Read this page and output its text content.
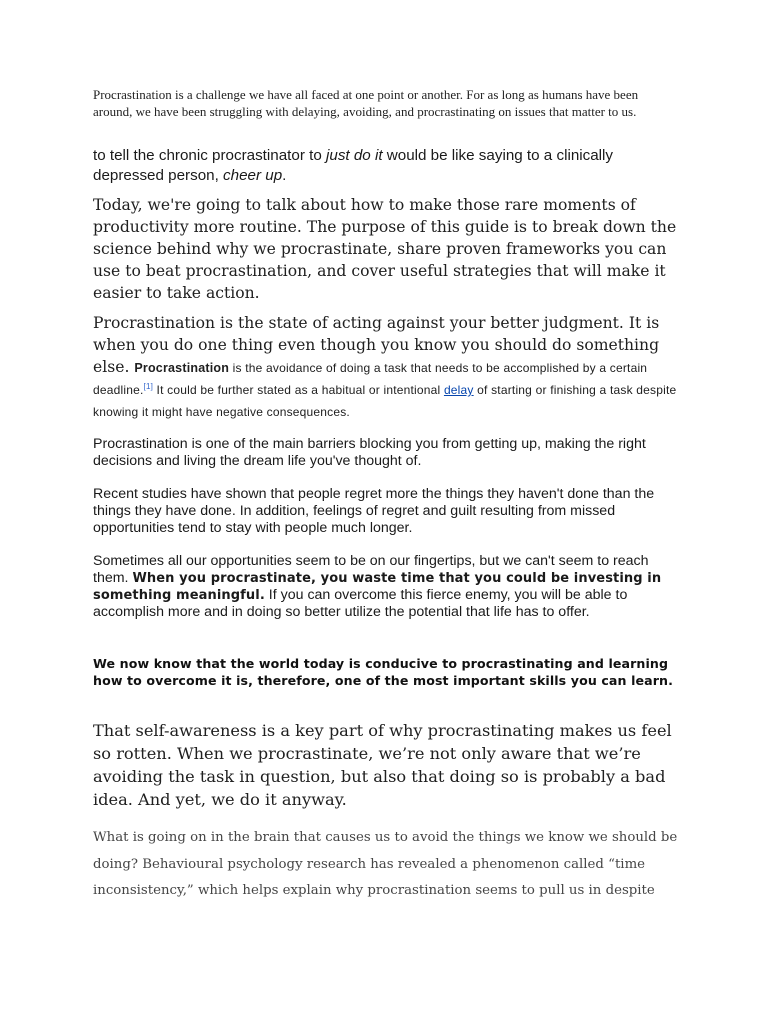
Procrastination is a challenge we have all faced at one point or another. For as long as humans have been around, we have been struggling with delaying, avoiding, and procrastinating on issues that matter to us.

to tell the chronic procrastinator to just do it would be like saying to a clinically depressed person, cheer up.

Today, we're going to talk about how to make those rare moments of productivity more routine. The purpose of this guide is to break down the science behind why we procrastinate, share proven frameworks you can use to beat procrastination, and cover useful strategies that will make it easier to take action.

Procrastination is the state of acting against your better judgment. It is when you do one thing even though you know you should do something else. Procrastination is the avoidance of doing a task that needs to be accomplished by a certain deadline.[1] It could be further stated as a habitual or intentional delay of starting or finishing a task despite knowing it might have negative consequences.

Procrastination is one of the main barriers blocking you from getting up, making the right decisions and living the dream life you've thought of.

Recent studies have shown that people regret more the things they haven't done than the things they have done. In addition, feelings of regret and guilt resulting from missed opportunities tend to stay with people much longer.

Sometimes all our opportunities seem to be on our fingertips, but we can't seem to reach them. When you procrastinate, you waste time that you could be investing in something meaningful. If you can overcome this fierce enemy, you will be able to accomplish more and in doing so better utilize the potential that life has to offer.

We now know that the world today is conducive to procrastinating and learning how to overcome it is, therefore, one of the most important skills you can learn.

That self-awareness is a key part of why procrastinating makes us feel so rotten. When we procrastinate, we’re not only aware that we’re avoiding the task in question, but also that doing so is probably a bad idea. And yet, we do it anyway.

What is going on in the brain that causes us to avoid the things we know we should be doing? Behavioural psychology research has revealed a phenomenon called “time inconsistency,” which helps explain why procrastination seems to pull us in despite
